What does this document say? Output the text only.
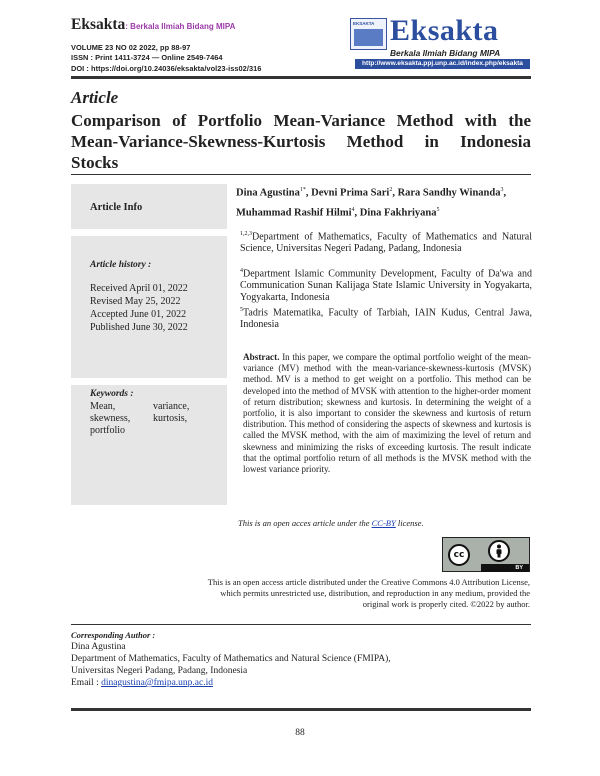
Eksakta: Berkala Ilmiah Bidang MIPA
VOLUME 23 NO 02 2022, pp 88-97
ISSN : Print 1411-3724 — Online 2549-7464
DOI : https://doi.org/10.24036/eksakta/vol23-iss02/316
EKSAKTA Eksakta
Berkala Ilmiah Bidang MIPA
http://www.eksakta.ppj.unp.ac.id/index.php/eksakta
Article
Comparison of Portfolio Mean-Variance Method with the Mean-Variance-Skewness-Kurtosis Method in Indonesia Stocks
Article Info
Article history :
Received April 01, 2022
Revised May 25, 2022
Accepted June 01, 2022
Published June 30, 2022
Keywords :
Mean,	variance,
skewness, kurtosis,
portfolio
Dina Agustina$^{1*}$, Devni Prima Sari$^2$, Rara Sandhy Winanda$^3$, Muhammad Rashif Hilmi$^4$, Dina Fakhriyana$^5$
$^{1,2,3}$Department of Mathematics, Faculty of Mathematics and Natural Science, Universitas Negeri Padang, Padang, Indonesia
$^4$Department Islamic Community Development, Faculty of Da'wa and Communication Sunan Kalijaga State Islamic University in Yogyakarta, Yogyakarta, Indonesia
$^5$Tadris Matematika, Faculty of Tarbiah, IAIN Kudus, Central Jawa, Indonesia
Abstract. In this paper, we compare the optimal portfolio weight of the mean-variance (MV) method with the mean-variance-skewness-kurtosis (MVSK) method. MV is a method to get weight on a portfolio. This method can be developed into the method of MVSK with attention to the higher-order moment of return distribution; skewness and kurtosis. In determining the weight of a portfolio, it is also important to consider the skewness and kurtosis of return distribution. This method of considering the aspects of skewness and kurtosis is called the MVSK method, with the aim of maximizing the level of return and skewness and minimizing the risks of exceeding kurtosis. The result indicate that the optimal portfolio return of all methods is the MVSK method with the lowest variance priority.
This is an open acces article under the CC-BY license.
cc
BY
This is an open access article distributed under the Creative Commons 4.0 Attribution License,
which permits unrestricted use, distribution, and reproduction in any medium, provided the
original work is properly cited. ©2022 by author.
Corresponding Author :
Dina Agustina
Department of Mathematics, Faculty of Mathematics and Natural Science (FMIPA),
Universitas Negeri Padang, Padang, Indonesia
Email : dinagustina@fmipa.unp.ac.id
88
